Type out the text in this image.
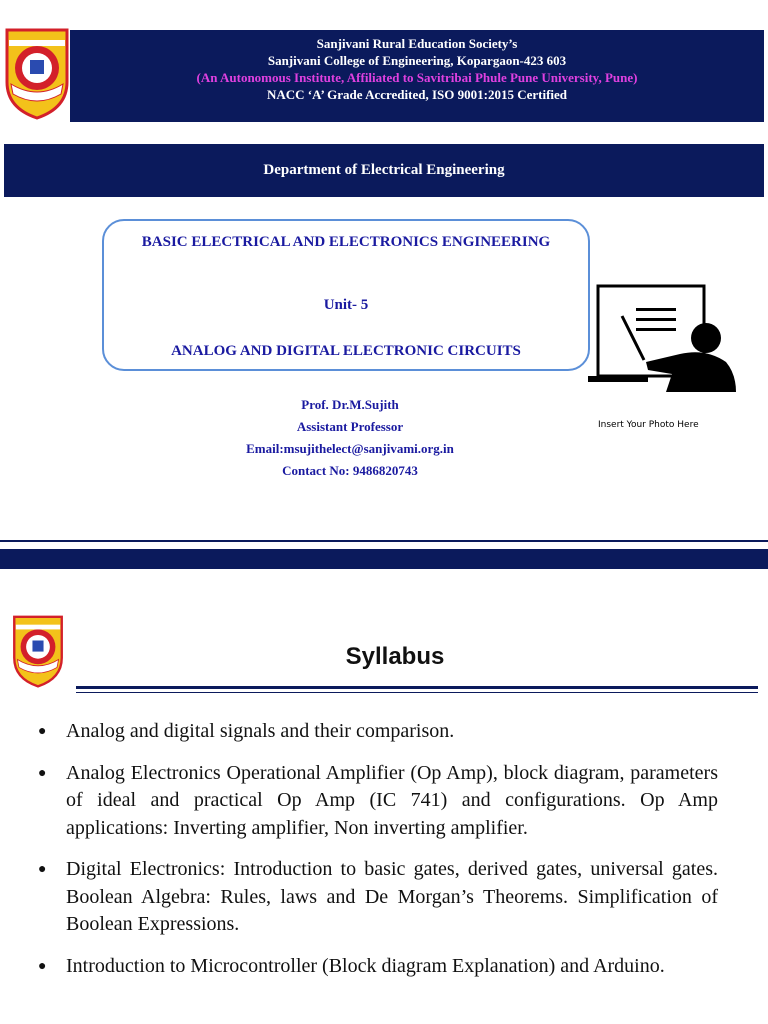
Sanjivani Rural Education Society’s
Sanjivani College of Engineering, Kopargaon-423 603
(An Autonomous Institute, Affiliated to Savitribai Phule Pune University, Pune)
NACC ‘A’ Grade Accredited, ISO 9001:2015 Certified
Department of Electrical Engineering
BASIC ELECTRICAL AND ELECTRONICS ENGINEERING
Unit- 5
ANALOG AND DIGITAL ELECTRONIC CIRCUITS
Insert Your Photo Here
Prof. Dr.M.Sujith
Assistant Professor
Email:msujithelect@sanjivami.org.in
Contact No: 9486820743
Syllabus
● Analog and digital signals and their comparison.
● Analog Electronics Operational Amplifier (Op Amp), block diagram, parameters of ideal and practical Op Amp (IC 741) and configurations. Op Amp applications: Inverting amplifier, Non inverting amplifier.
● Digital Electronics: Introduction to basic gates, derived gates, universal gates. Boolean Algebra: Rules, laws and De Morgan’s Theorems. Simplification of Boolean Expressions.
● Introduction to Microcontroller (Block diagram Explanation) and Arduino.
